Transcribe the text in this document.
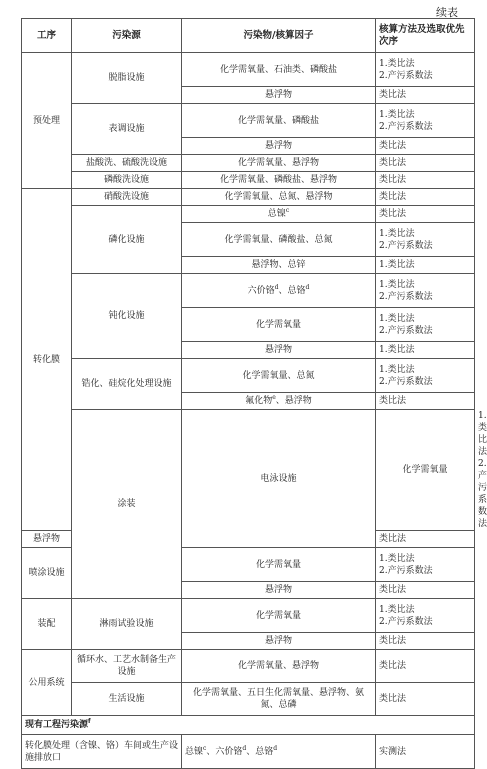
续表
工序	污染源	污染物/核算因子	核算方法及选取优先次序	
预处理	脱脂设施	化学需氧量、石油类、磷酸盐	1.类比法
2.产污系数法	

		悬浮物	类比法	
	表调设施	化学需氧量、磷酸盐	1.类比法
2.产污系数法	

		悬浮物	类比法	
	盐酸洗、硫酸洗设施	化学需氧量、悬浮物	类比法	
	磷酸洗设施	化学需氧量、磷酸盐、悬浮物	类比法	
转化膜	硝酸洗设施	化学需氧量、总氮、悬浮物	类比法	
	磷化设施	总镍$^c$	类比法	
		化学需氧量、磷酸盐、总氮	1.类比法
2.产污系数法	

		悬浮物、总锌	1.类比法	
	钝化设施	六价铬$^d$、总铬$^d$	1.类比法
2.产污系数法	

		化学需氧量	1.类比法
2.产污系数法	

		悬浮物	1.类比法	
	锆化、硅烷化处理设施	化学需氧量、总氮	1.类比法
2.产污系数法	

		氟化物$^e$、悬浮物	类比法	
	涂装	电泳设施	化学需氧量	1.类比法
2.产污系数法

悬浮物			类比法	
喷涂设施		化学需氧量	1.类比法
2.产污系数法	

		悬浮物	类比法	
装配	淋雨试验设施	化学需氧量	1.类比法
2.产污系数法	

		悬浮物	类比法	
公用系统	循环水、工艺水制备生产设施	化学需氧量、悬浮物	类比法	
	生活设施	化学需氧量、五日生化需氧量、悬浮物、氨氮、总磷	类比法	
现有工程污染源$^f$
转化膜处理（含镍、铬）车间或生产设施排放口		总镍$^c$、六价铬$^d$、总铬$^d$	实测法	
